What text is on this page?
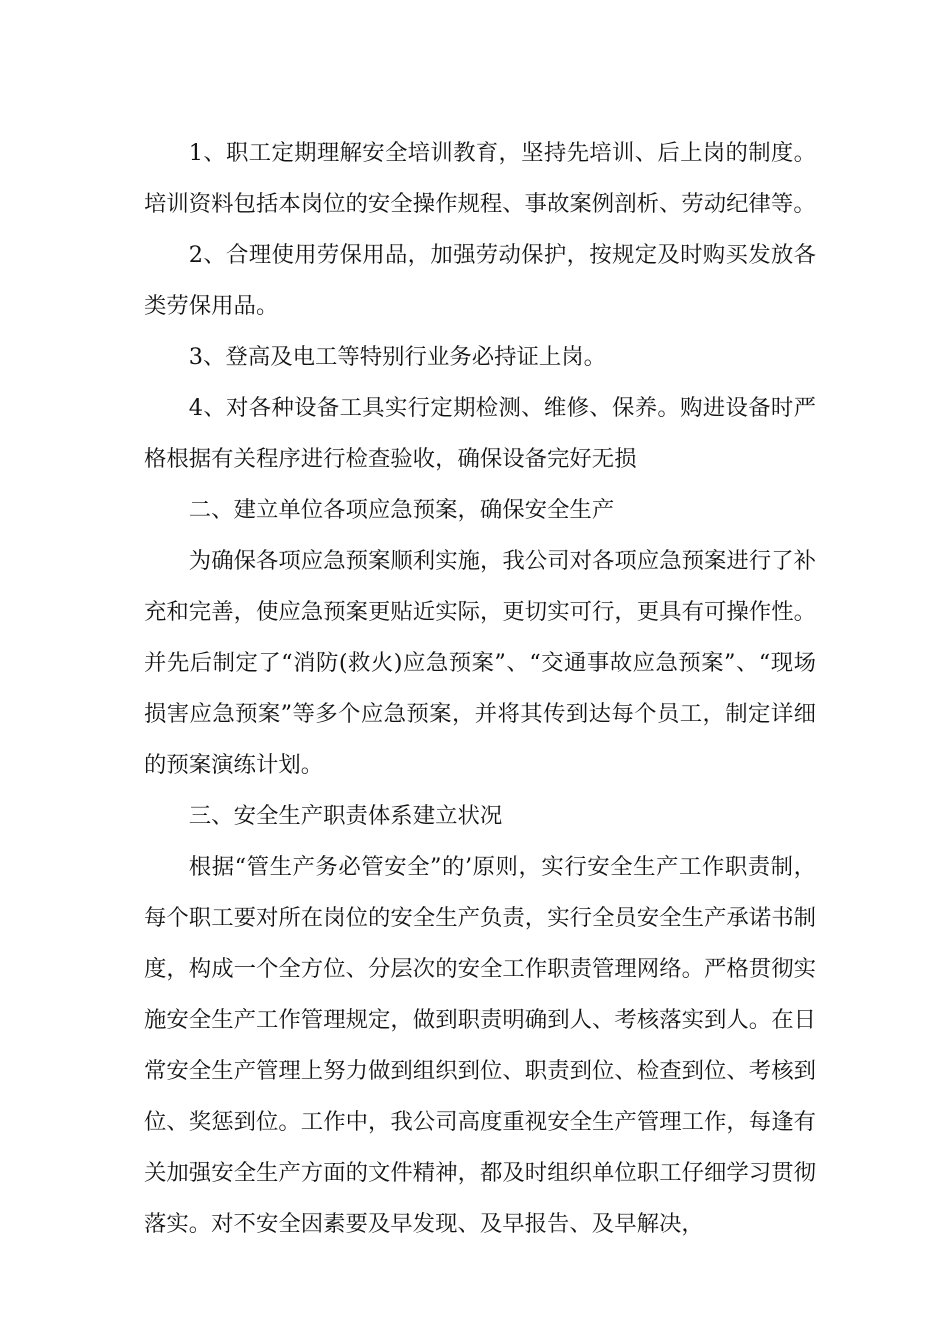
1、职工定期理解安全培训教育，坚持先培训、后上岗的制度。培训资料包括本岗位的安全操作规程、事故案例剖析、劳动纪律等。

2、合理使用劳保用品，加强劳动保护，按规定及时购买发放各类劳保用品。

3、登高及电工等特别行业务必持证上岗。

4、对各种设备工具实行定期检测、维修、保养。购进设备时严格根据有关程序进行检查验收，确保设备完好无损

二、建立单位各项应急预案，确保安全生产

为确保各项应急预案顺利实施，我公司对各项应急预案进行了补充和完善，使应急预案更贴近实际，更切实可行，更具有可操作性。并先后制定了“消防(救火)应急预案”、“交通事故应急预案”、“现场损害应急预案”等多个应急预案，并将其传到达每个员工，制定详细的预案演练计划。

三、安全生产职责体系建立状况

根据“管生产务必管安全”的’原则，实行安全生产工作职责制，每个职工要对所在岗位的安全生产负责，实行全员安全生产承诺书制度，构成一个全方位、分层次的安全工作职责管理网络。严格贯彻实施安全生产工作管理规定，做到职责明确到人、考核落实到人。在日常安全生产管理上努力做到组织到位、职责到位、检查到位、考核到位、奖惩到位。工作中，我公司高度重视安全生产管理工作，每逢有关加强安全生产方面的文件精神，都及时组织单位职工仔细学习贯彻落实。对不安全因素要及早发现、及早报告、及早解决，
